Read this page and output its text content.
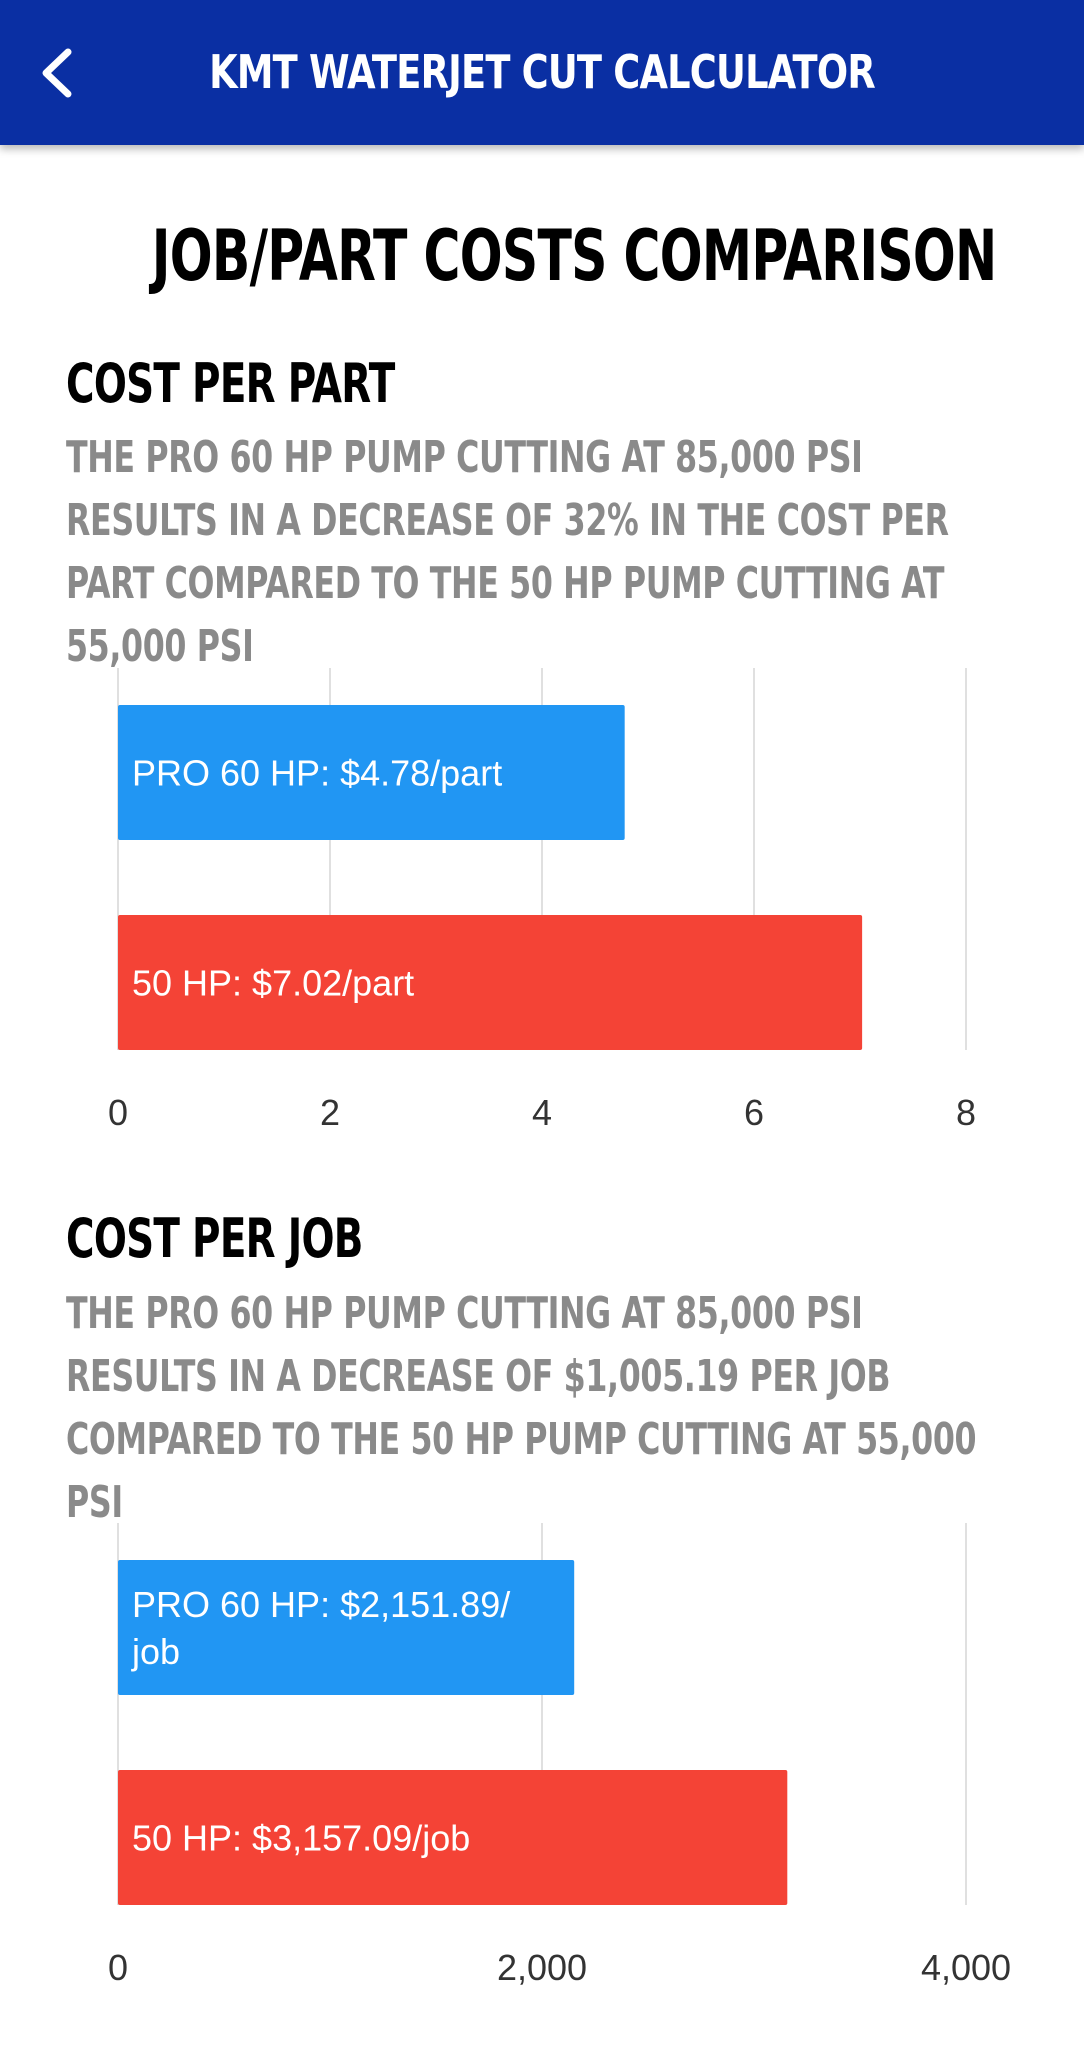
KMT WATERJET CUT CALCULATOR
JOB/PART COSTS COMPARISON
COST PER PART
THE PRO 60 HP PUMP CUTTING AT 85,000 PSI RESULTS IN A DECREASE OF 32% IN THE COST PER PART COMPARED TO THE 50 HP PUMP CUTTING AT 55,000 PSI
0	2	4	6	8
PRO 60 HP: $4.78/part
50 HP: $7.02/part
COST PER JOB
THE PRO 60 HP PUMP CUTTING AT 85,000 PSI RESULTS IN A DECREASE OF $1,005.19 PER JOB COMPARED TO THE 50 HP PUMP CUTTING AT 55,000 PSI
0	2,000	4,000
PRO 60 HP: $2,151.89/
job
50 HP: $3,157.09/job
